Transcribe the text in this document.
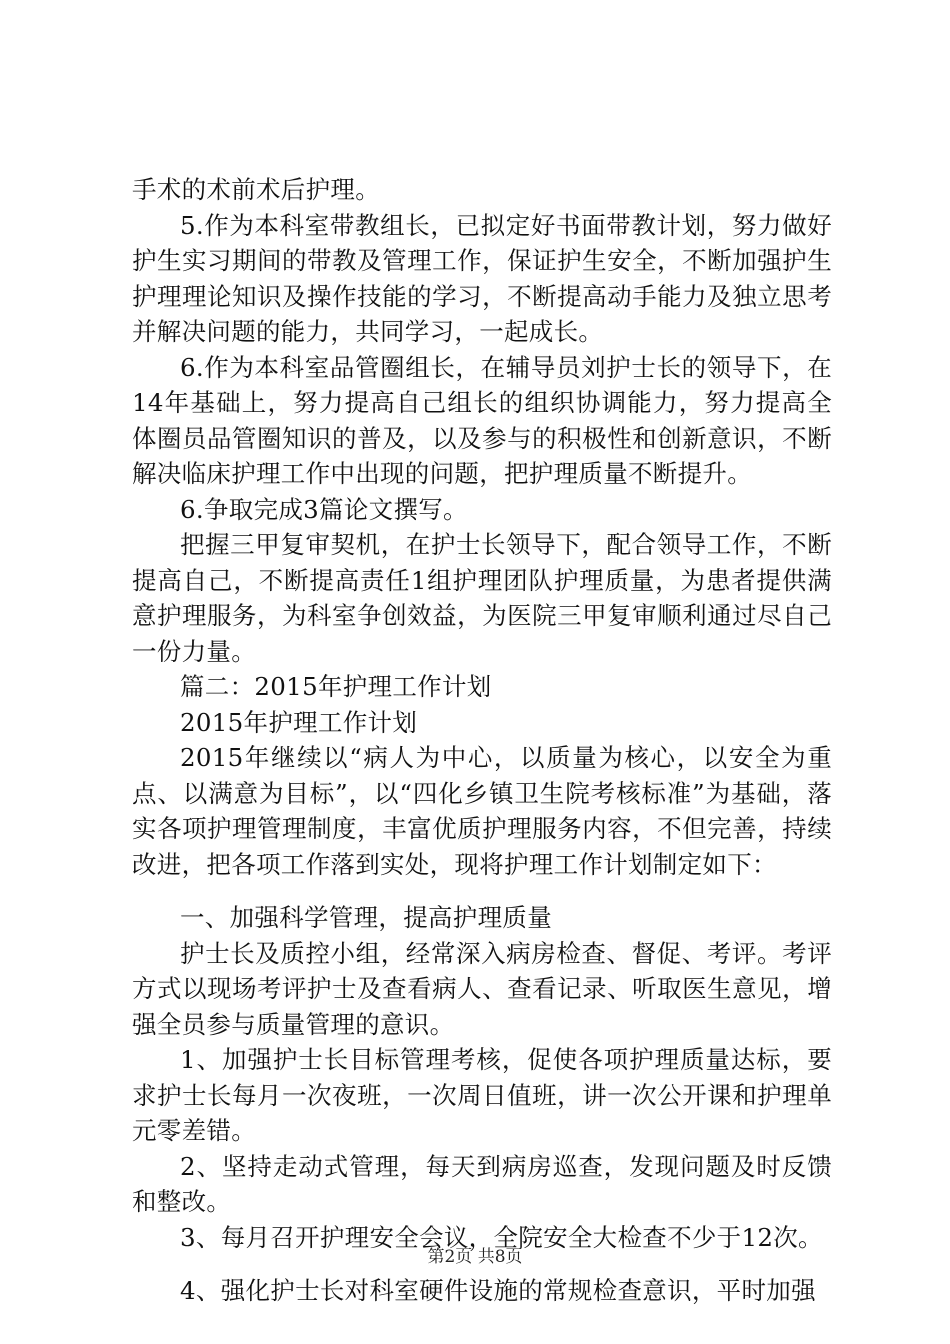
手术的术前术后护理。

5.作为本科室带教组长，已拟定好书面带教计划，努力做好护生实习期间的带教及管理工作，保证护生安全，不断加强护生护理理论知识及操作技能的学习，不断提高动手能力及独立思考并解决问题的能力，共同学习，一起成长。

6.作为本科室品管圈组长，在辅导员刘护士长的领导下，在14年基础上，努力提高自己组长的组织协调能力，努力提高全体圈员品管圈知识的普及，以及参与的积极性和创新意识，不断解决临床护理工作中出现的问题，把护理质量不断提升。

6.争取完成3篇论文撰写。

把握三甲复审契机，在护士长领导下，配合领导工作，不断提高自己，不断提高责任1组护理团队护理质量，为患者提供满意护理服务，为科室争创效益，为医院三甲复审顺利通过尽自己一份力量。

篇二：2015年护理工作计划

2015年护理工作计划

2015年继续以“病人为中心，以质量为核心，以安全为重点、以满意为目标”，以“四化乡镇卫生院考核标准”为基础，落实各项护理管理制度，丰富优质护理服务内容，不但完善，持续改进，把各项工作落到实处，现将护理工作计划制定如下：

一、加强科学管理，提高护理质量

护士长及质控小组，经常深入病房检查、督促、考评。考评方式以现场考评护士及查看病人、查看记录、听取医生意见，增强全员参与质量管理的意识。

1、加强护士长目标管理考核，促使各项护理质量达标，要求护士长每月一次夜班，一次周日值班，讲一次公开课和护理单元零差错。

2、坚持走动式管理，每天到病房巡查，发现问题及时反馈和整改。

3、每月召开护理安全会议，全院安全大检查不少于12次。

4、强化护士长对科室硬件设施的常规检查意识，平时加强

第2页 共8页
